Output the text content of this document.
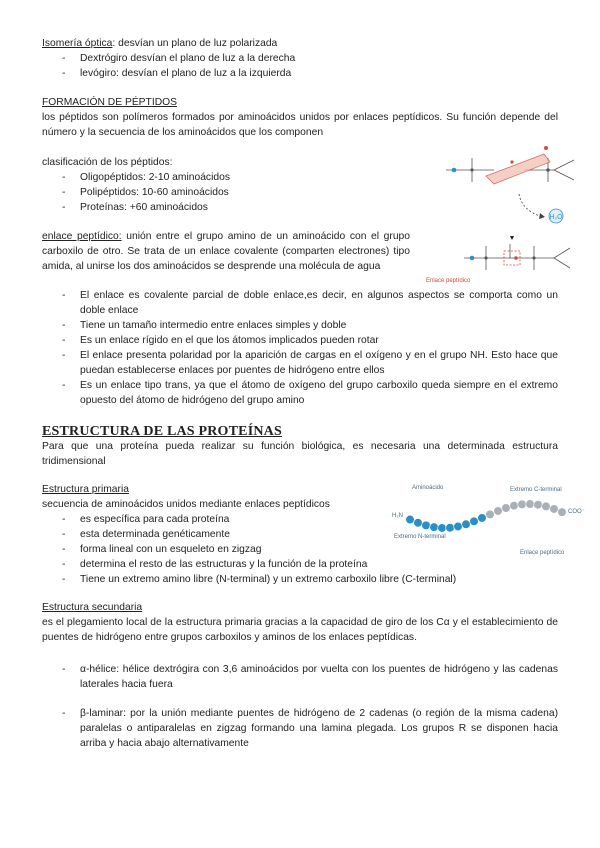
Isomería óptica: desvían un plano de luz polarizada

- Dextrógiro desvían el plano de luz a la derecha
- levógiro: desvían el plano de luz a la izquierda

FORMACIÓN DE PÉPTIDOS

los péptidos son polímeros formados por aminoácidos unidos por enlaces peptídicos. Su función depende del número y la secuencia de los aminoácidos que los componen

clasificación de los péptidos:

- Oligopéptidos: 2-10 aminoácidos
- Polipéptidos: 10-60 aminoácidos
- Proteínas: +60 aminoácidos

enlace peptídico: unión entre el grupo amino de un aminoácido con el grupo carboxilo de otro. Se trata de un enlace covalente (comparten electrones) tipo amida, al unirse los dos aminoácidos se desprende una molécula de agua

- El enlace es covalente parcial de doble enlace,es decir, en algunos aspectos se comporta como un doble enlace
- Tiene un tamaño intermedio entre enlaces simples y doble
- Es un enlace rígido en el que los átomos implicados pueden rotar
- El enlace presenta polaridad por la aparición de cargas en el oxígeno y en el grupo NH. Esto hace que puedan establecerse enlaces por puentes de hidrógeno entre ellos
- Es un enlace tipo trans, ya que el átomo de oxígeno del grupo carboxilo queda siempre en el extremo opuesto del átomo de hidrógeno del grupo amino

ESTRUCTURA DE LAS PROTEÍNAS

Para que una proteína pueda realizar su función biológica, es necesaria una determinada estructura tridimensional

Estructura primaria

secuencia de aminoácidos unidos mediante enlaces peptídicos

- es específica para cada proteína
- esta determinada genéticamente
- forma lineal con un esqueleto en zigzag
- determina el resto de las estructuras y la función de la proteína
- Tiene un extremo amino libre (N-terminal) y un extremo carboxilo libre (C-terminal)

Estructura secundaria

es el plegamiento local de la estructura primaria gracias a la capacidad de giro de los Cα y el establecimiento de puentes de hidrógeno entre grupos carboxilos y aminos de los enlaces peptídicas.

- α-hélice: hélice dextrógira con 3,6 aminoácidos por vuelta con los puentes de hidrógeno y las cadenas laterales hacia fuera
- β-laminar: por la unión mediante puentes de hidrógeno de 2 cadenas (o región de la misma cadena) paralelas o antiparalelas en zigzag formando una lamina plegada. Los grupos R se disponen hacia arriba y hacia abajo alternativamente
H₂O
Enlace peptídico
Aminoácido	Extremo C-terminal
H₂N
COO⁻
Extremo N-terminal
Enlace peptídico
